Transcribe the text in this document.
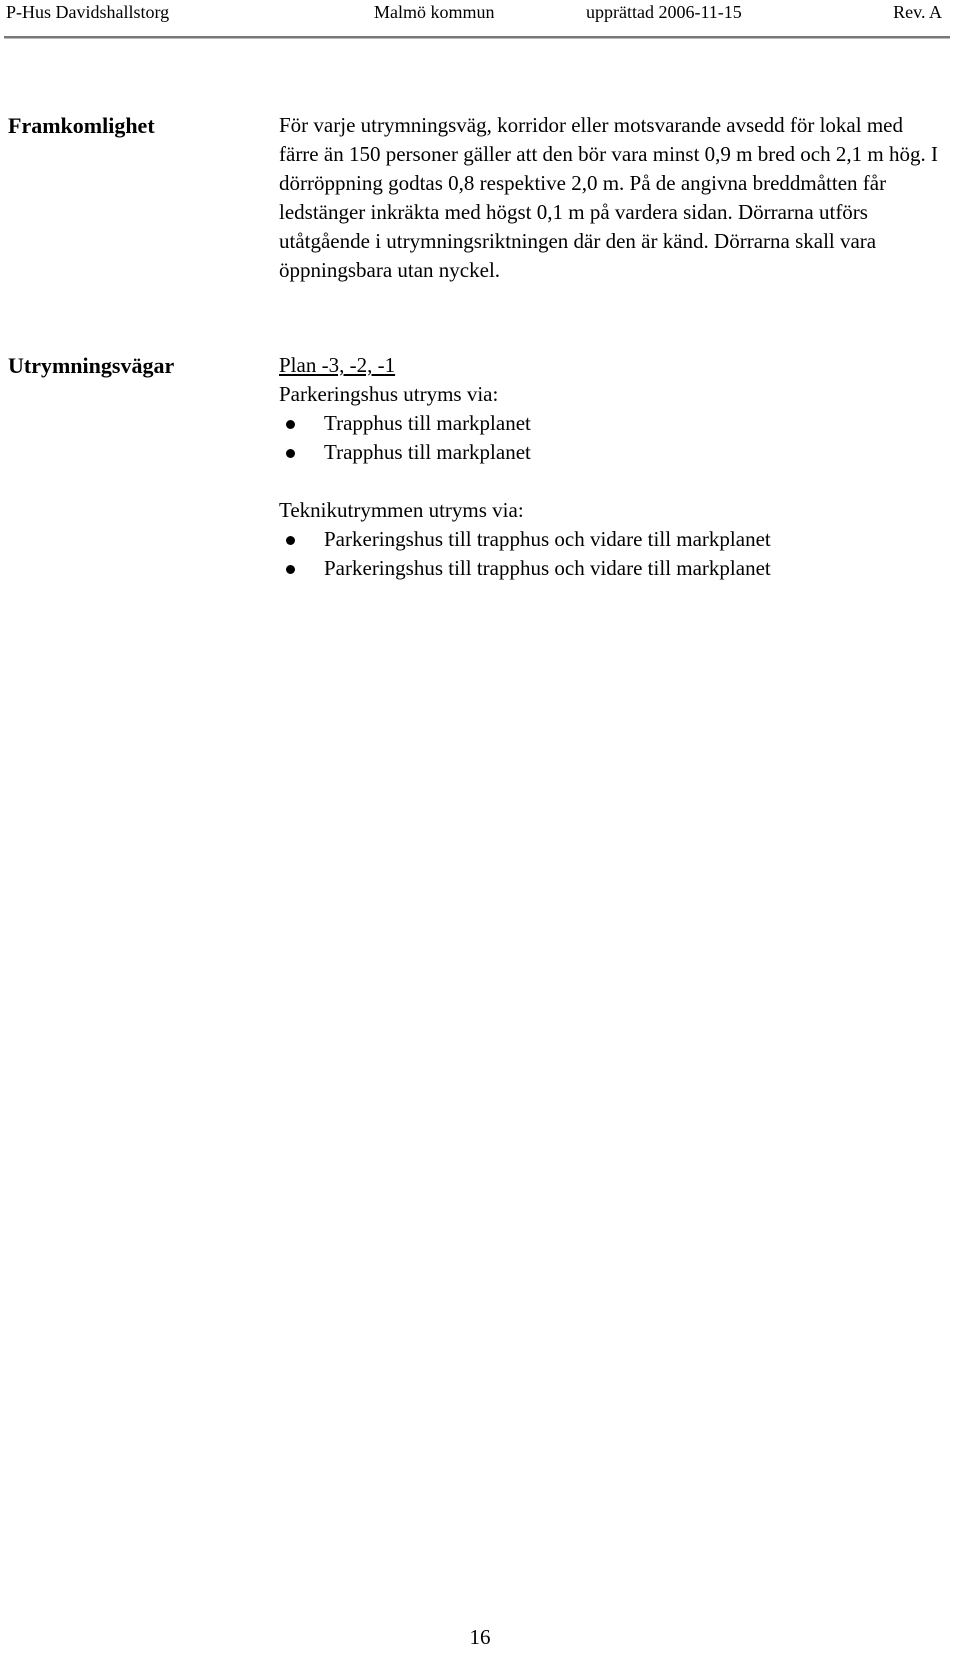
P-Hus Davidshallstorg	Malmö kommun	upprättad 2006-11-15	Rev. A
Framkomlighet	För varje utrymningsväg, korridor eller motsvarande avsedd för lokal med färre än 150 personer gäller att den bör vara minst 0,9 m bred och 2,1 m hög. I dörröppning godtas 0,8 respektive 2,0 m. På de angivna breddmåtten får ledstänger inkräkta med högst 0,1 m på vardera sidan. Dörrarna utförs utåtgående i utrymningsriktningen där den är känd. Dörrarna skall vara öppningsbara utan nyckel.

Utrymningsvägar	Plan -3, -2, -1
Parkeringshus utryms via:
Trapphus till markplanet
Trapphus till markplanet
Teknikutrymmen utryms via:
Parkeringshus till trapphus och vidare till markplanet
Parkeringshus till trapphus och vidare till markplanet
16
